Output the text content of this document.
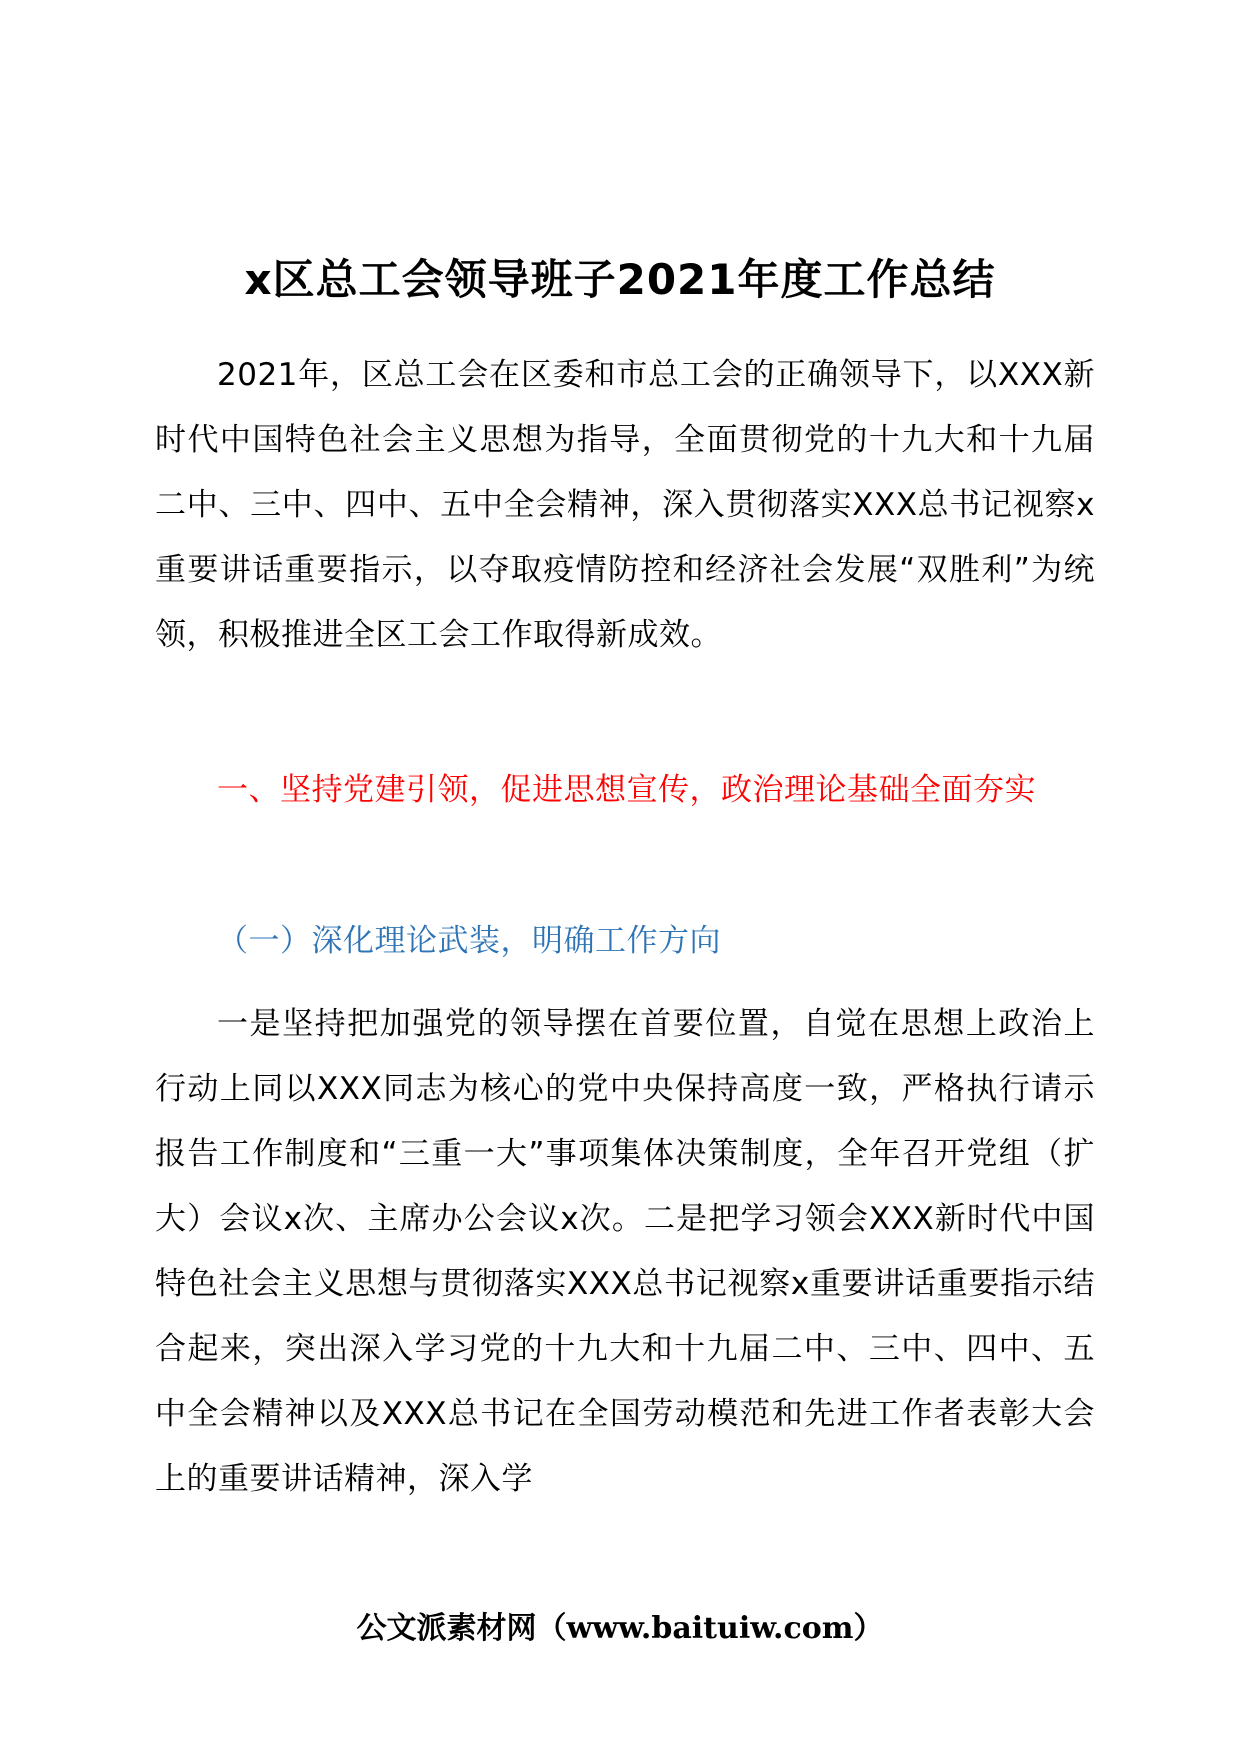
x区总工会领导班子2021年度工作总结
2021年，区总工会在区委和市总工会的正确领导下，以XXX新时代中国特色社会主义思想为指导，全面贯彻党的十九大和十九届二中、三中、四中、五中全会精神，深入贯彻落实XXX总书记视察x重要讲话重要指示，以夺取疫情防控和经济社会发展“双胜利”为统领，积极推进全区工会工作取得新成效。
一、坚持党建引领，促进思想宣传，政治理论基础全面夯实
（一）深化理论武装，明确工作方向
一是坚持把加强党的领导摆在首要位置，自觉在思想上政治上行动上同以XXX同志为核心的党中央保持高度一致，严格执行请示报告工作制度和“三重一大”事项集体决策制度，全年召开党组（扩大）会议x次、主席办公会议x次。二是把学习领会XXX新时代中国特色社会主义思想与贯彻落实XXX总书记视察x重要讲话重要指示结合起来，突出深入学习党的十九大和十九届二中、三中、四中、五中全会精神以及XXX总书记在全国劳动模范和先进工作者表彰大会上的重要讲话精神，深入学
公文派素材网（www.baituiw.com）
